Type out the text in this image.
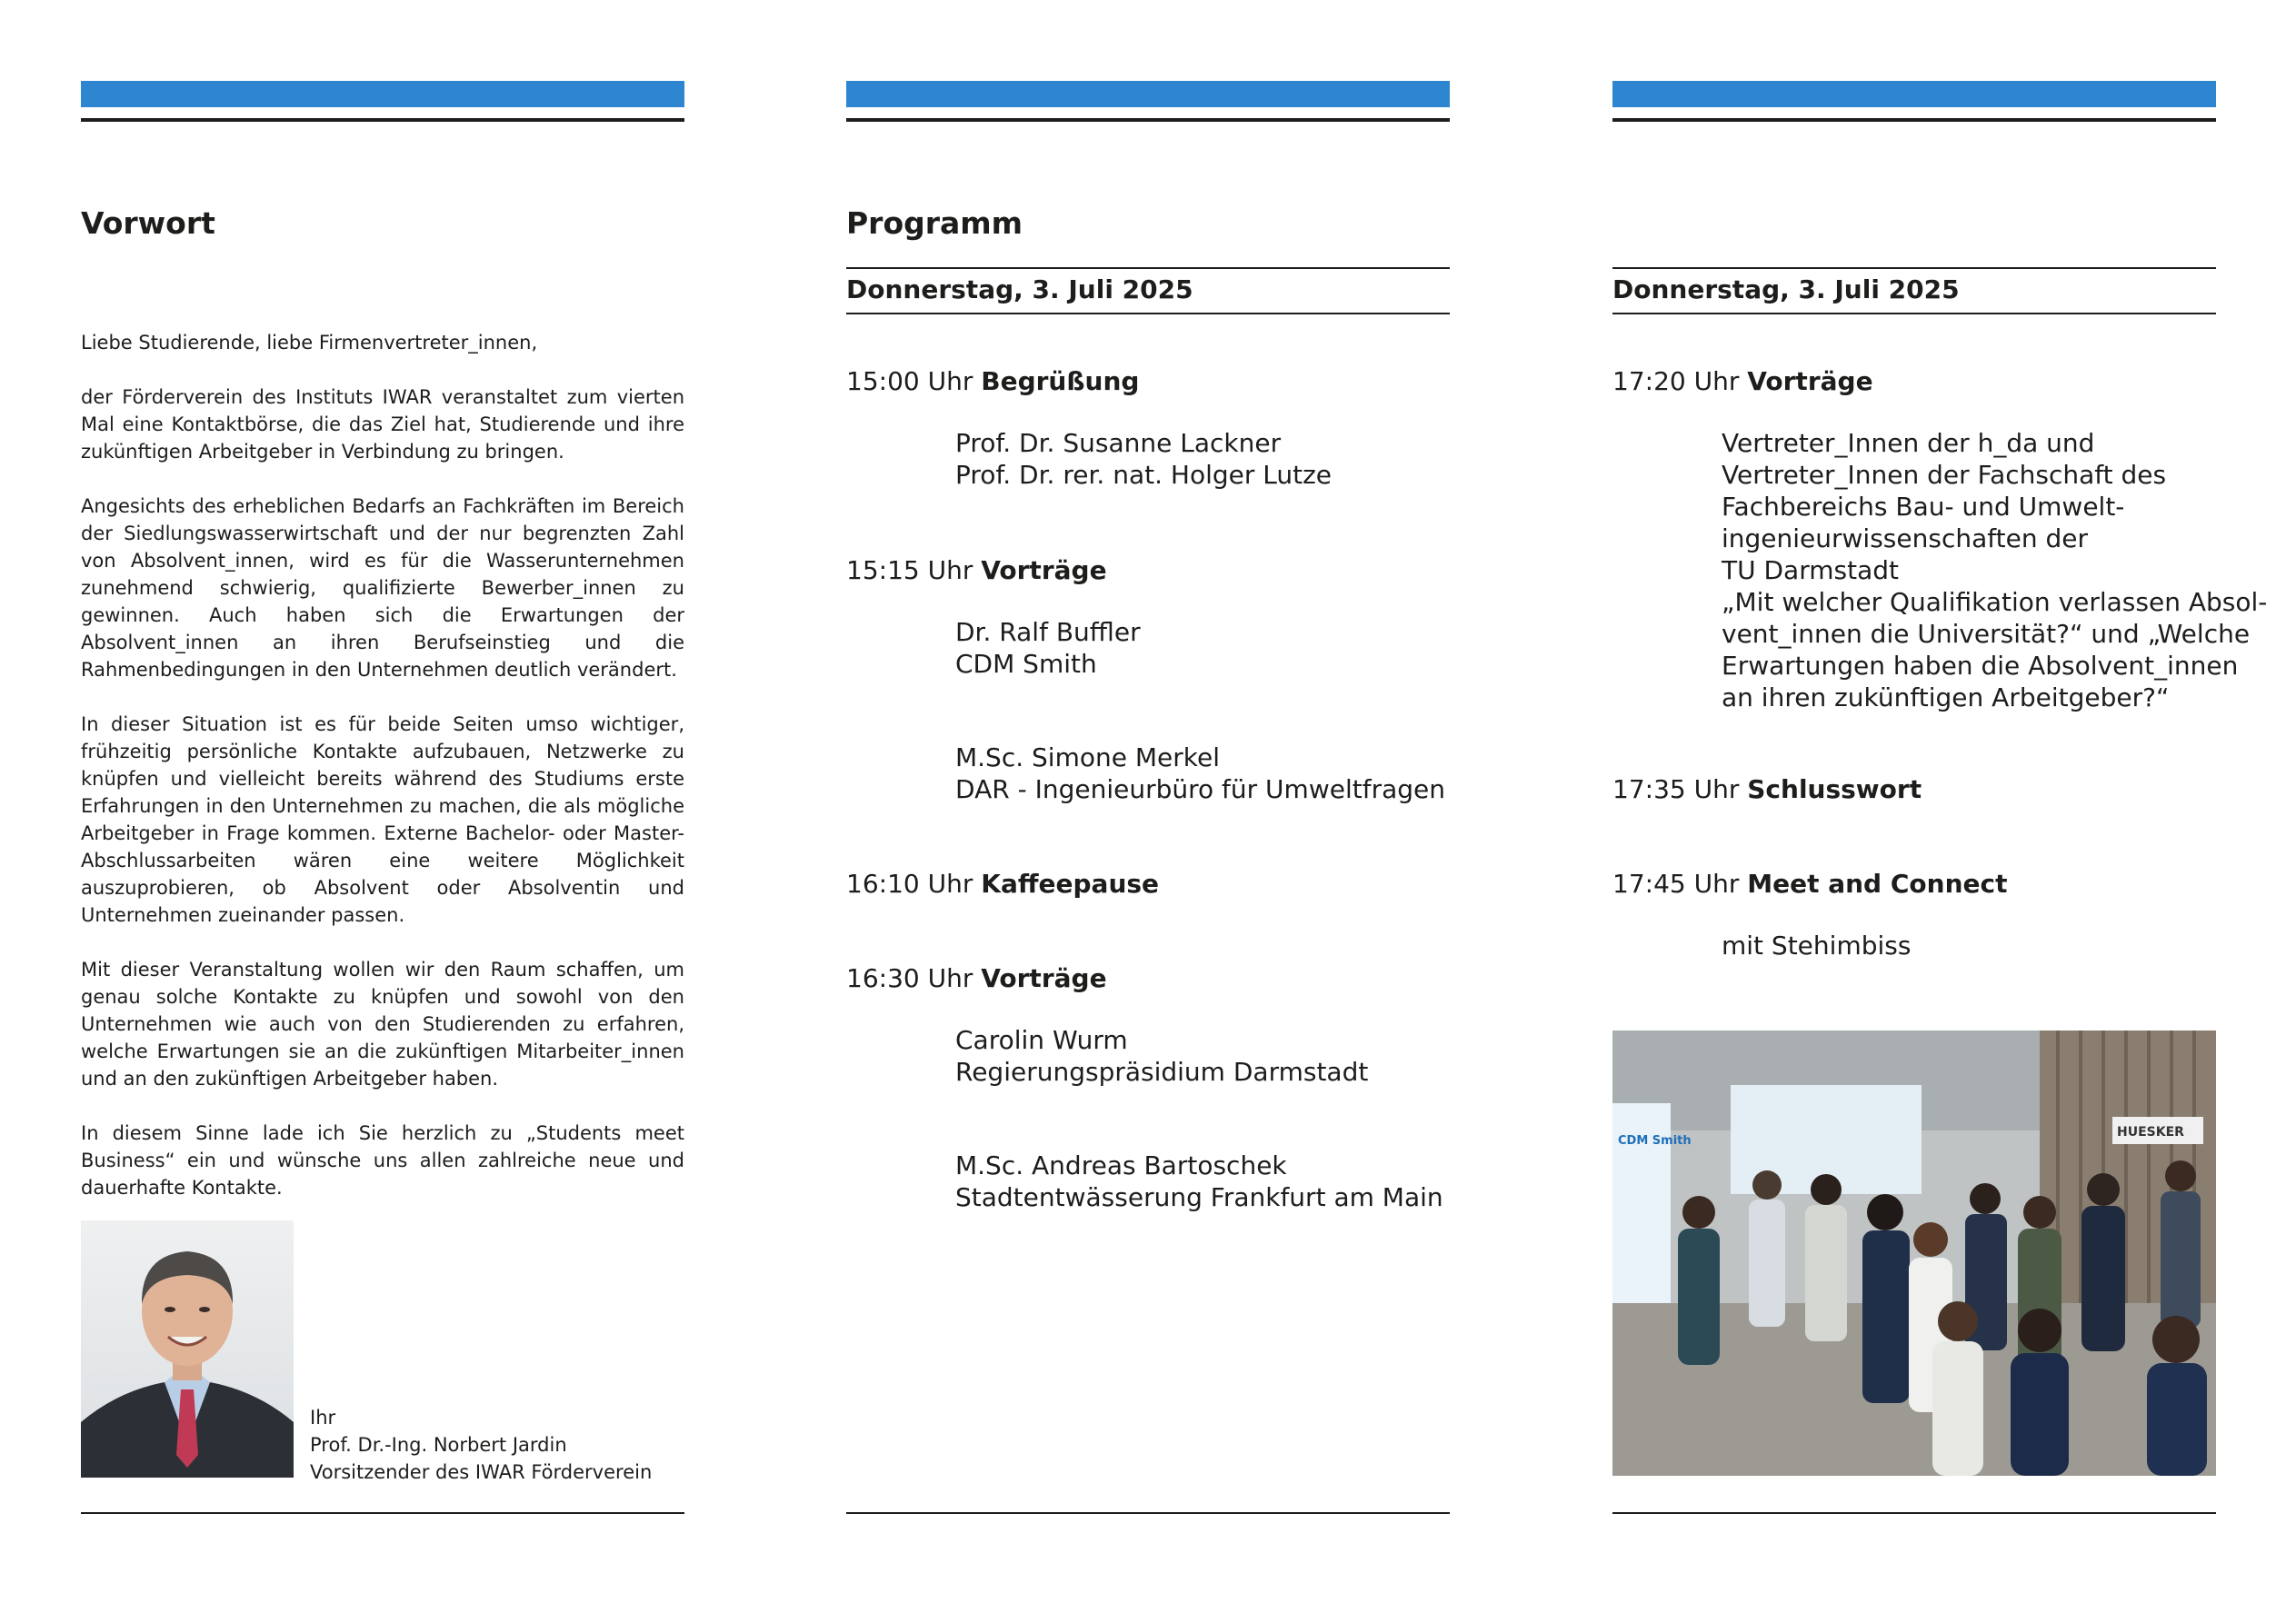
Vorwort

Liebe Studierende, liebe Firmenvertreter_innen,

der Förderverein des Instituts IWAR veranstaltet zum vierten Mal eine Kontaktbörse, die das Ziel hat, Studierende und ihre zukünftigen Arbeitgeber in Verbindung zu bringen.

Angesichts des erheblichen Bedarfs an Fachkräften im Bereich der Siedlungswasserwirtschaft und der nur begrenzten Zahl von Absolvent_innen, wird es für die Wasserunternehmen zunehmend schwierig, qualifizierte Bewerber_innen zu gewinnen. Auch haben sich die Erwartungen der Absolvent_innen an ihren Berufseinstieg und die Rahmenbedingungen in den Unternehmen deutlich verändert.

In dieser Situation ist es für beide Seiten umso wichtiger, frühzeitig persönliche Kontakte aufzubauen, Netzwerke zu knüpfen und vielleicht bereits während des Studiums erste Erfahrungen in den Unternehmen zu machen, die als mögliche Arbeitgeber in Frage kommen. Externe Bachelor- oder Master-Abschlussarbeiten wären eine weitere Möglichkeit auszuprobieren, ob Absolvent oder Absolventin und Unternehmen zueinander passen.

Mit dieser Veranstaltung wollen wir den Raum schaffen, um genau solche Kontakte zu knüpfen und sowohl von den Unternehmen wie auch von den Studierenden zu erfahren, welche Erwartungen sie an die zukünftigen Mitarbeiter_innen und an den zukünftigen Arbeitgeber haben.

In diesem Sinne lade ich Sie herzlich zu „Students meet Business“ ein und wünsche uns allen zahlreiche neue und dauerhafte Kontakte.

Ihr
Prof. Dr.-Ing. Norbert Jardin
Vorsitzender des IWAR Förderverein
Programm
Donnerstag, 3. Juli 2025
15:00 Uhr Begrüßung
Prof. Dr. Susanne Lackner
Prof. Dr. rer. nat. Holger Lutze
15:15 Uhr Vorträge
Dr. Ralf Buffler
CDM Smith
M.Sc. Simone Merkel
DAR - Ingenieurbüro für Umweltfragen
16:10 Uhr Kaffeepause
16:30 Uhr Vorträge
Carolin Wurm
Regierungspräsidium Darmstadt
M.Sc. Andreas Bartoschek
Stadtentwässerung Frankfurt am Main
Donnerstag, 3. Juli 2025
17:20 Uhr Vorträge
Vertreter_Innen der h_da und
Vertreter_Innen der Fachschaft des
Fachbereichs Bau- und Umwelt-
ingenieurwissenschaften der
TU Darmstadt
„Mit welcher Qualifikation verlassen Absol-
vent_innen die Universität?“ und „Welche
Erwartungen haben die Absolvent_innen
an ihren zukünftigen Arbeitgeber?“
17:35 Uhr Schlusswort
17:45 Uhr Meet and Connect
mit Stehimbiss
CDM Smith
HUESKER
